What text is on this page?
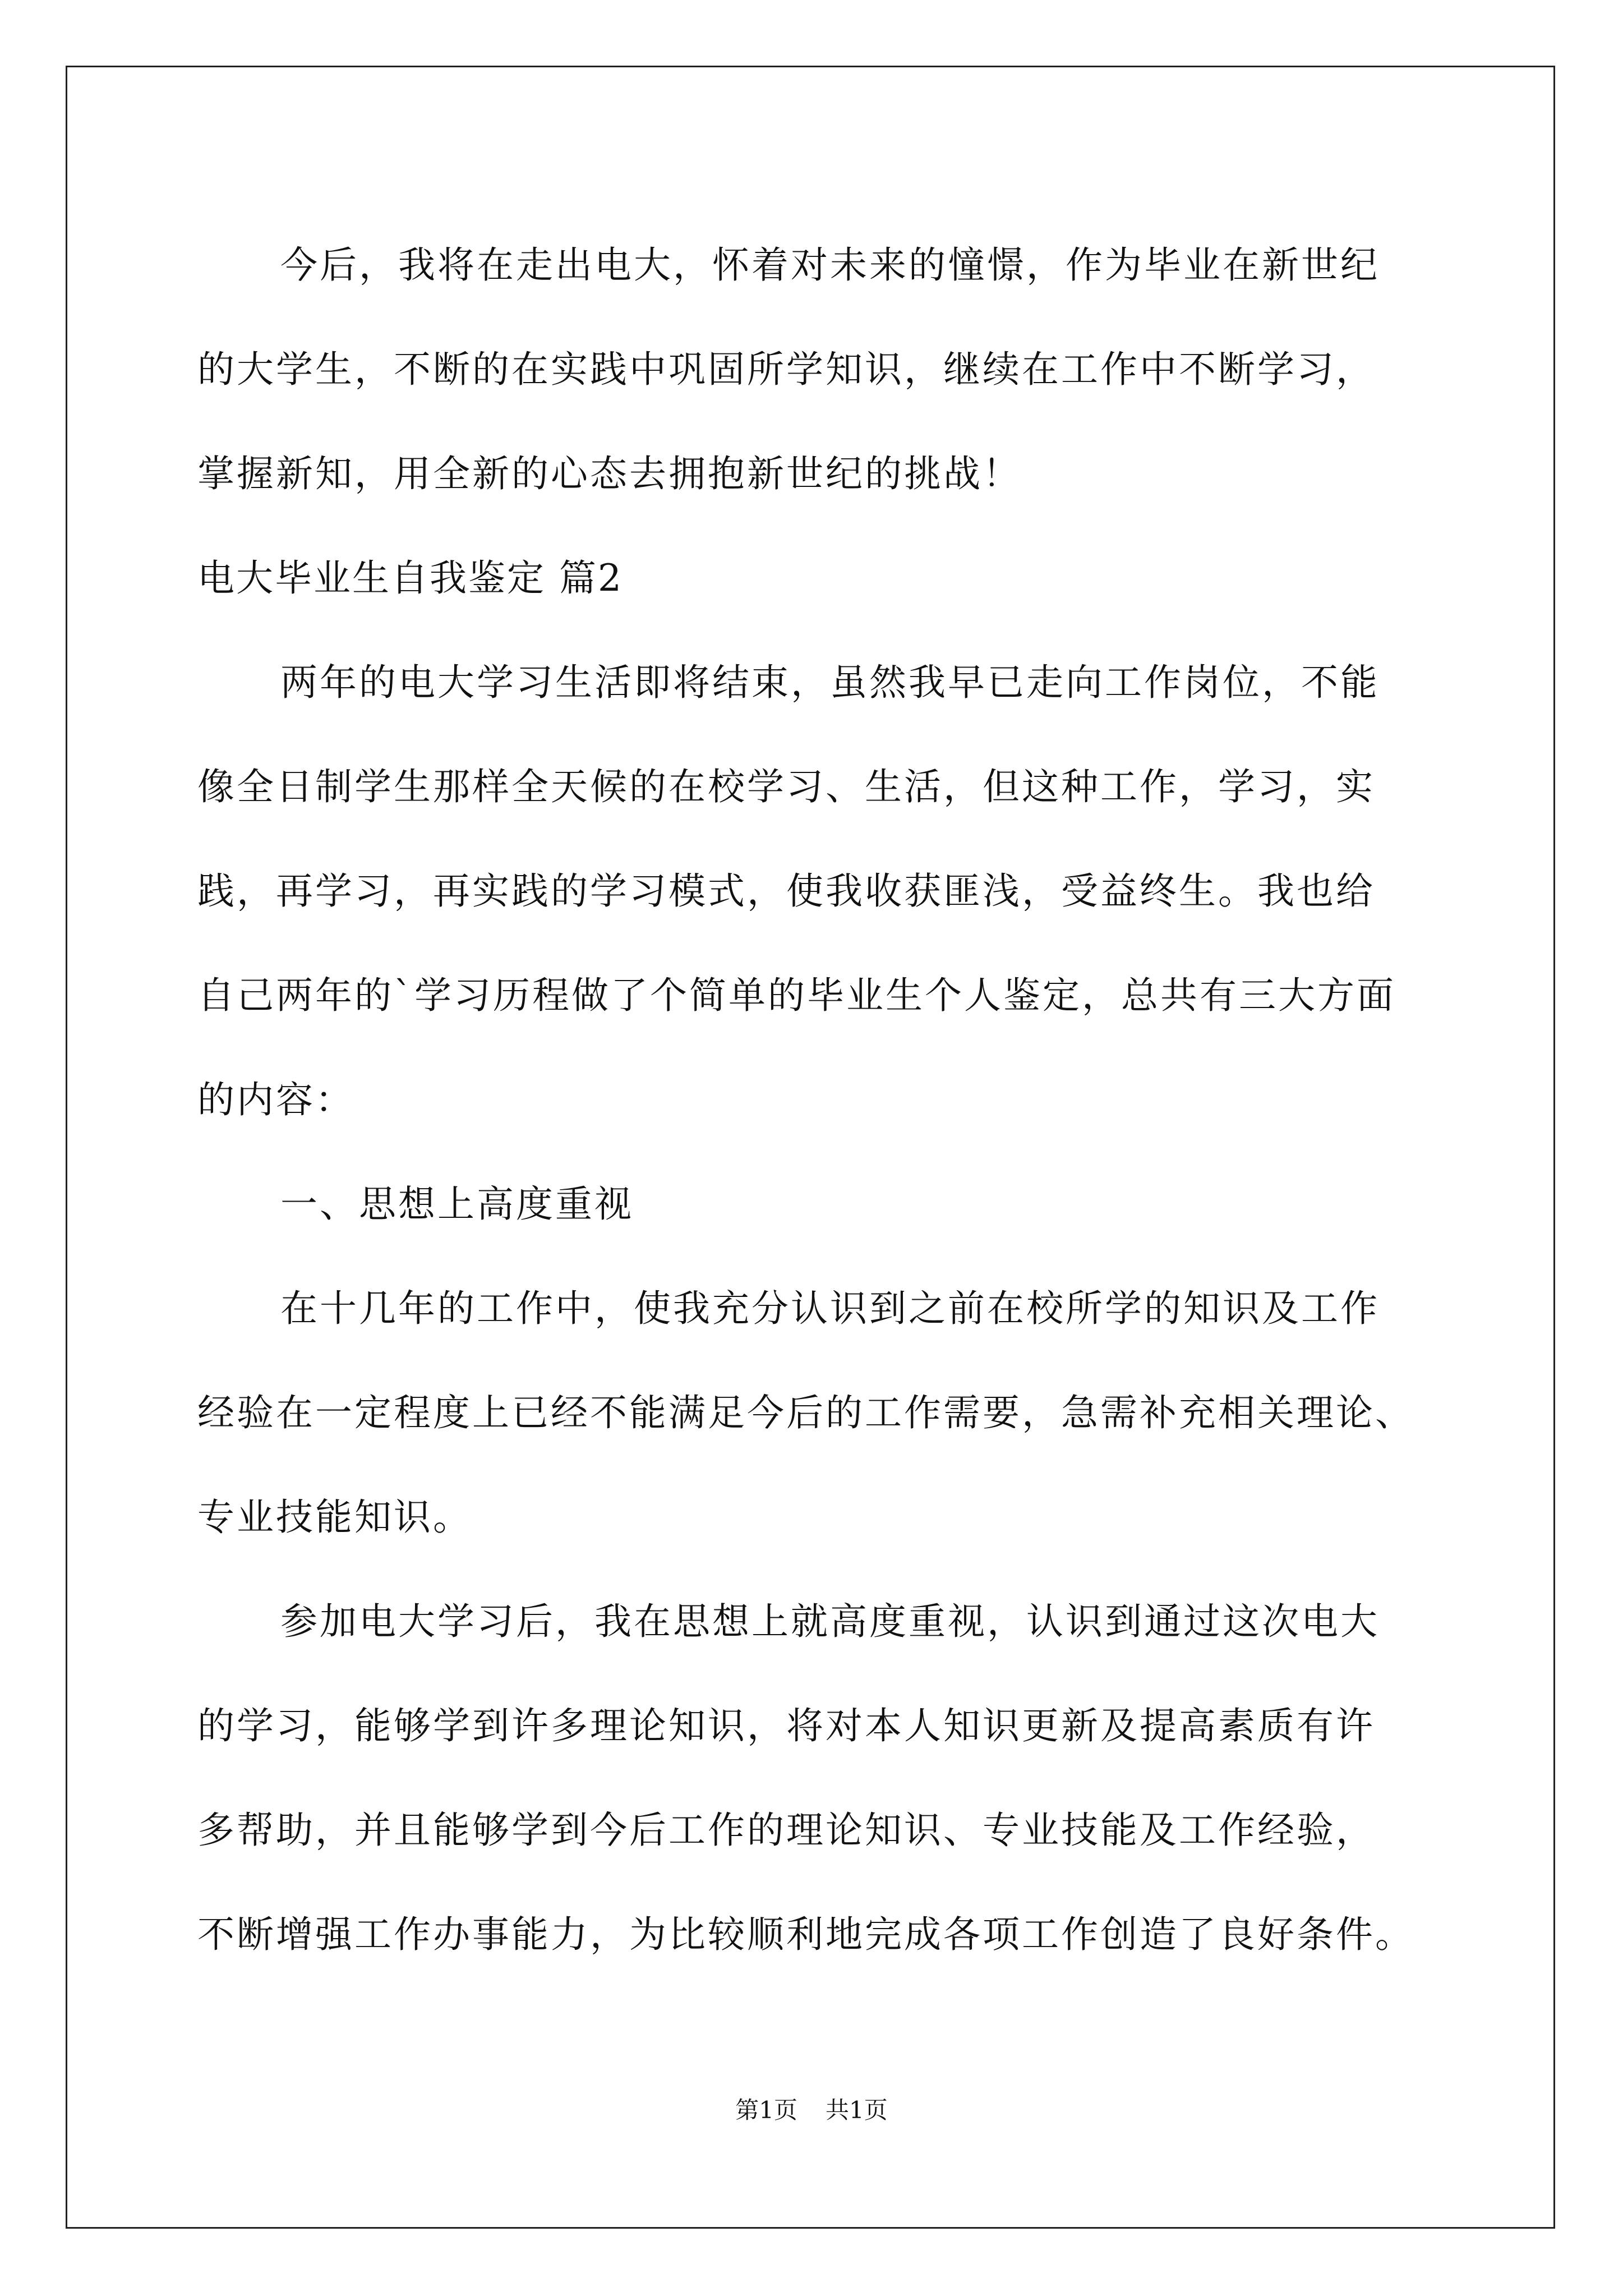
今后，我将在走出电大，怀着对未来的憧憬，作为毕业在新世纪
的大学生，不断的在实践中巩固所学知识，继续在工作中不断学习，
掌握新知，用全新的心态去拥抱新世纪的挑战！
电大毕业生自我鉴定 篇2
两年的电大学习生活即将结束，虽然我早已走向工作岗位，不能
像全日制学生那样全天候的在校学习、生活，但这种工作，学习，实
践，再学习，再实践的学习模式，使我收获匪浅，受益终生。我也给
自己两年的`学习历程做了个简单的毕业生个人鉴定，总共有三大方面
的内容：
一、思想上高度重视
在十几年的工作中，使我充分认识到之前在校所学的知识及工作
经验在一定程度上已经不能满足今后的工作需要，急需补充相关理论、
专业技能知识。
参加电大学习后，我在思想上就高度重视，认识到通过这次电大
的学习，能够学到许多理论知识，将对本人知识更新及提高素质有许
多帮助，并且能够学到今后工作的理论知识、专业技能及工作经验，
不断增强工作办事能力，为比较顺利地完成各项工作创造了良好条件。
第1页 共1页
